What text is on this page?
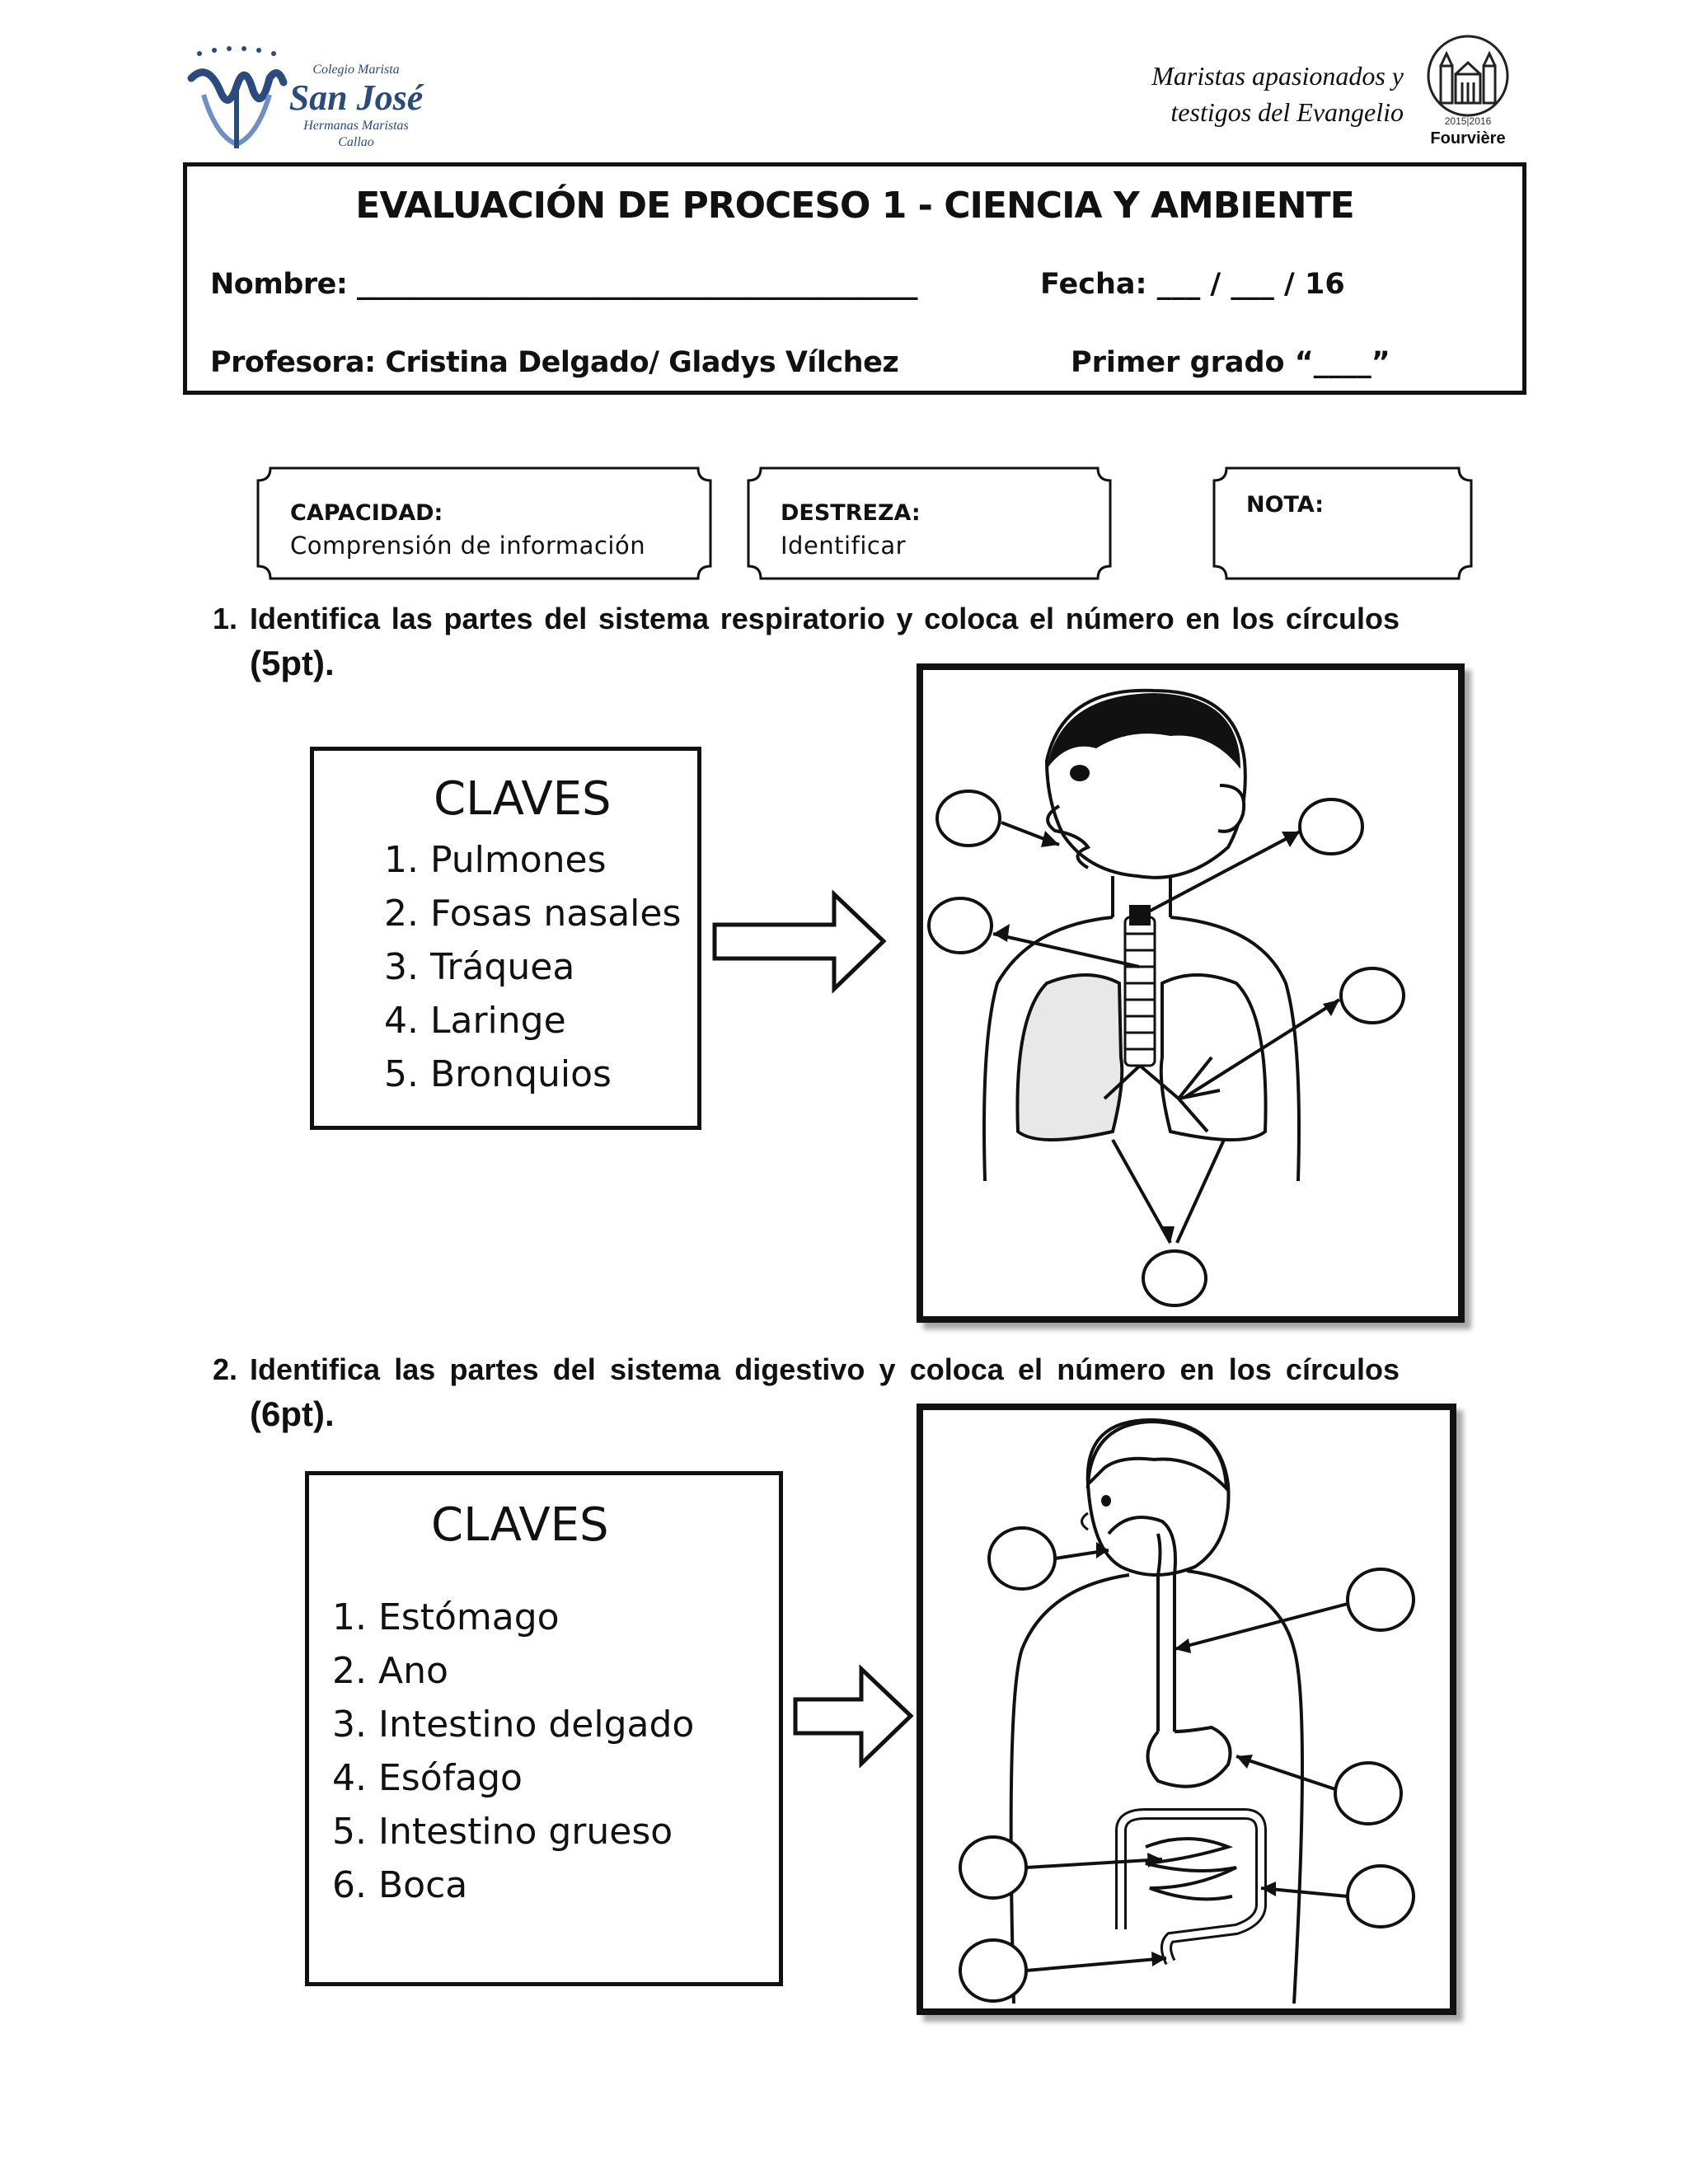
Colegio Marista
San José
Hermanas Maristas
Callao
Maristas apasionados y
testigos del Evangelio	2015|2016
Fourvière
EVALUACIÓN DE PROCESO 1 - CIENCIA Y AMBIENTE
Nombre: ________________________________________	Fecha: ___ / ___ / 16
Profesora: Cristina Delgado/ Gladys Vílchez	Primer grado “____”
CAPACIDAD:
Comprensión de información
DESTREZA:
Identificar
NOTA:
1. Identifica las partes del sistema respiratorio y coloca el número en los círculos (5pt).
CLAVES
1. Pulmones
2. Fosas nasales
3. Tráquea
4. Laringe
5. Bronquios
2. Identifica las partes del sistema digestivo y coloca el número en los círculos (6pt).
CLAVES
1. Estómago
2. Ano
3. Intestino delgado
4. Esófago
5. Intestino grueso
6. Boca
